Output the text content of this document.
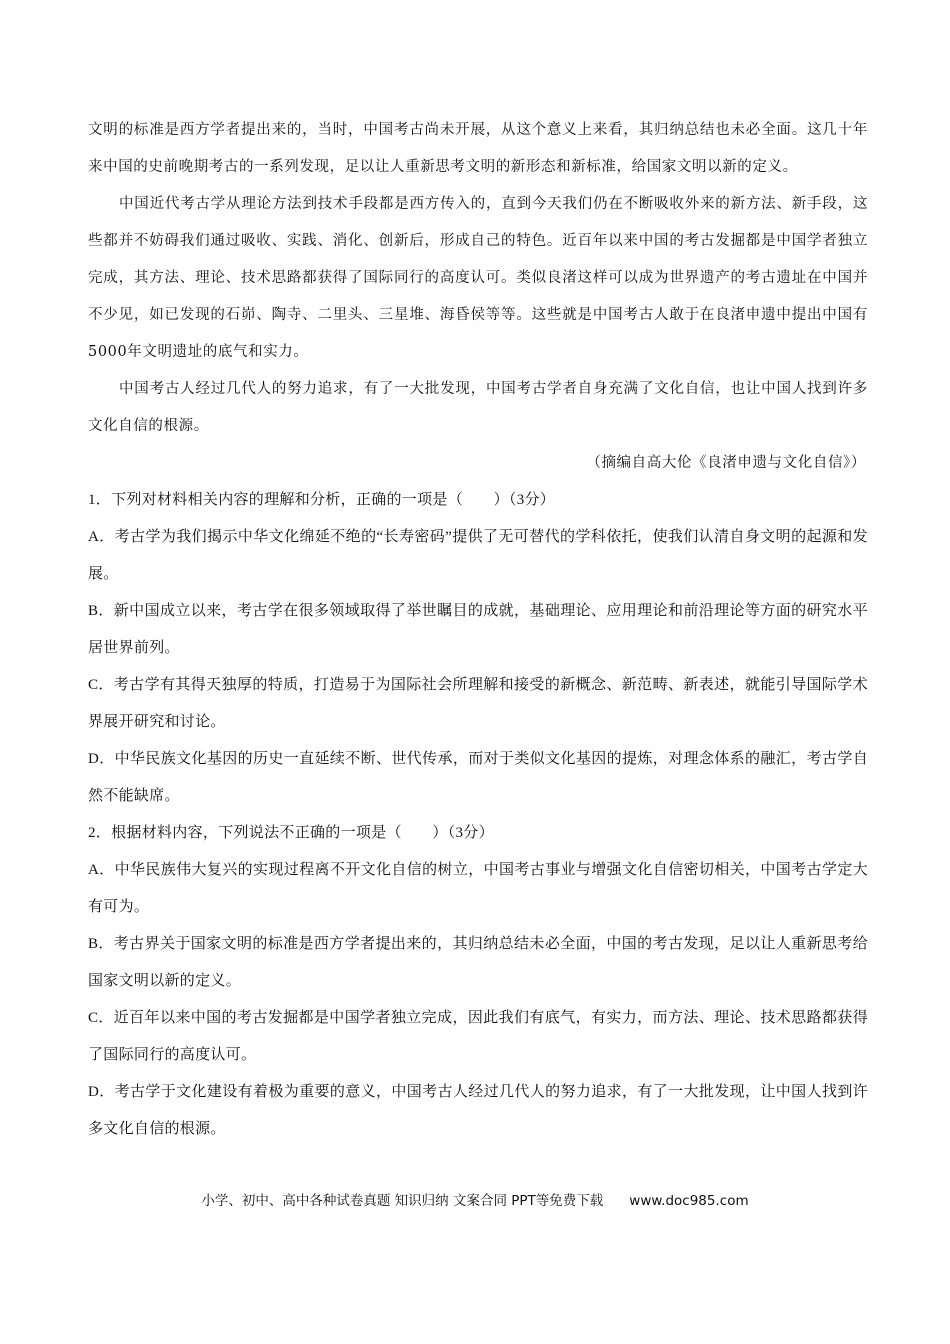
文明的标准是西方学者提出来的，当时，中国考古尚未开展，从这个意义上来看，其归纳总结也未必全面。这几十年来中国的史前晚期考古的一系列发现，足以让人重新思考文明的新形态和新标准，给国家文明以新的定义。

中国近代考古学从理论方法到技术手段都是西方传入的，直到今天我们仍在不断吸收外来的新方法、新手段，这些都并不妨碍我们通过吸收、实践、消化、创新后，形成自己的特色。近百年以来中国的考古发掘都是中国学者独立完成，其方法、理论、技术思路都获得了国际同行的高度认可。类似良渚这样可以成为世界遗产的考古遗址在中国并不少见，如已发现的石峁、陶寺、二里头、三星堆、海昏侯等等。这些就是中国考古人敢于在良渚申遗中提出中国有5000年文明遗址的底气和实力。

中国考古人经过几代人的努力追求，有了一大批发现，中国考古学者自身充满了文化自信，也让中国人找到许多文化自信的根源。

（摘编自高大伦《良渚申遗与文化自信》）

1．下列对材料相关内容的理解和分析，正确的一项是（　　）（3分）

A．考古学为我们揭示中华文化绵延不绝的“长寿密码”提供了无可替代的学科依托，使我们认清自身文明的起源和发展。

B．新中国成立以来，考古学在很多领域取得了举世瞩目的成就，基础理论、应用理论和前沿理论等方面的研究水平居世界前列。

C．考古学有其得天独厚的特质，打造易于为国际社会所理解和接受的新概念、新范畴、新表述，就能引导国际学术界展开研究和讨论。

D．中华民族文化基因的历史一直延续不断、世代传承，而对于类似文化基因的提炼，对理念体系的融汇，考古学自然不能缺席。

2．根据材料内容，下列说法不正确的一项是（　　）（3分）

A．中华民族伟大复兴的实现过程离不开文化自信的树立，中国考古事业与增强文化自信密切相关，中国考古学定大有可为。

B．考古界关于国家文明的标准是西方学者提出来的，其归纳总结未必全面，中国的考古发现，足以让人重新思考给国家文明以新的定义。

C．近百年以来中国的考古发掘都是中国学者独立完成，因此我们有底气，有实力，而方法、理论、技术思路都获得了国际同行的高度认可。

D．考古学于文化建设有着极为重要的意义，中国考古人经过几代人的努力追求，有了一大批发现，让中国人找到许多文化自信的根源。

小学、初中、高中各种试卷真题 知识归纳 文案合同 PPT等免费下载 www.doc985.com
